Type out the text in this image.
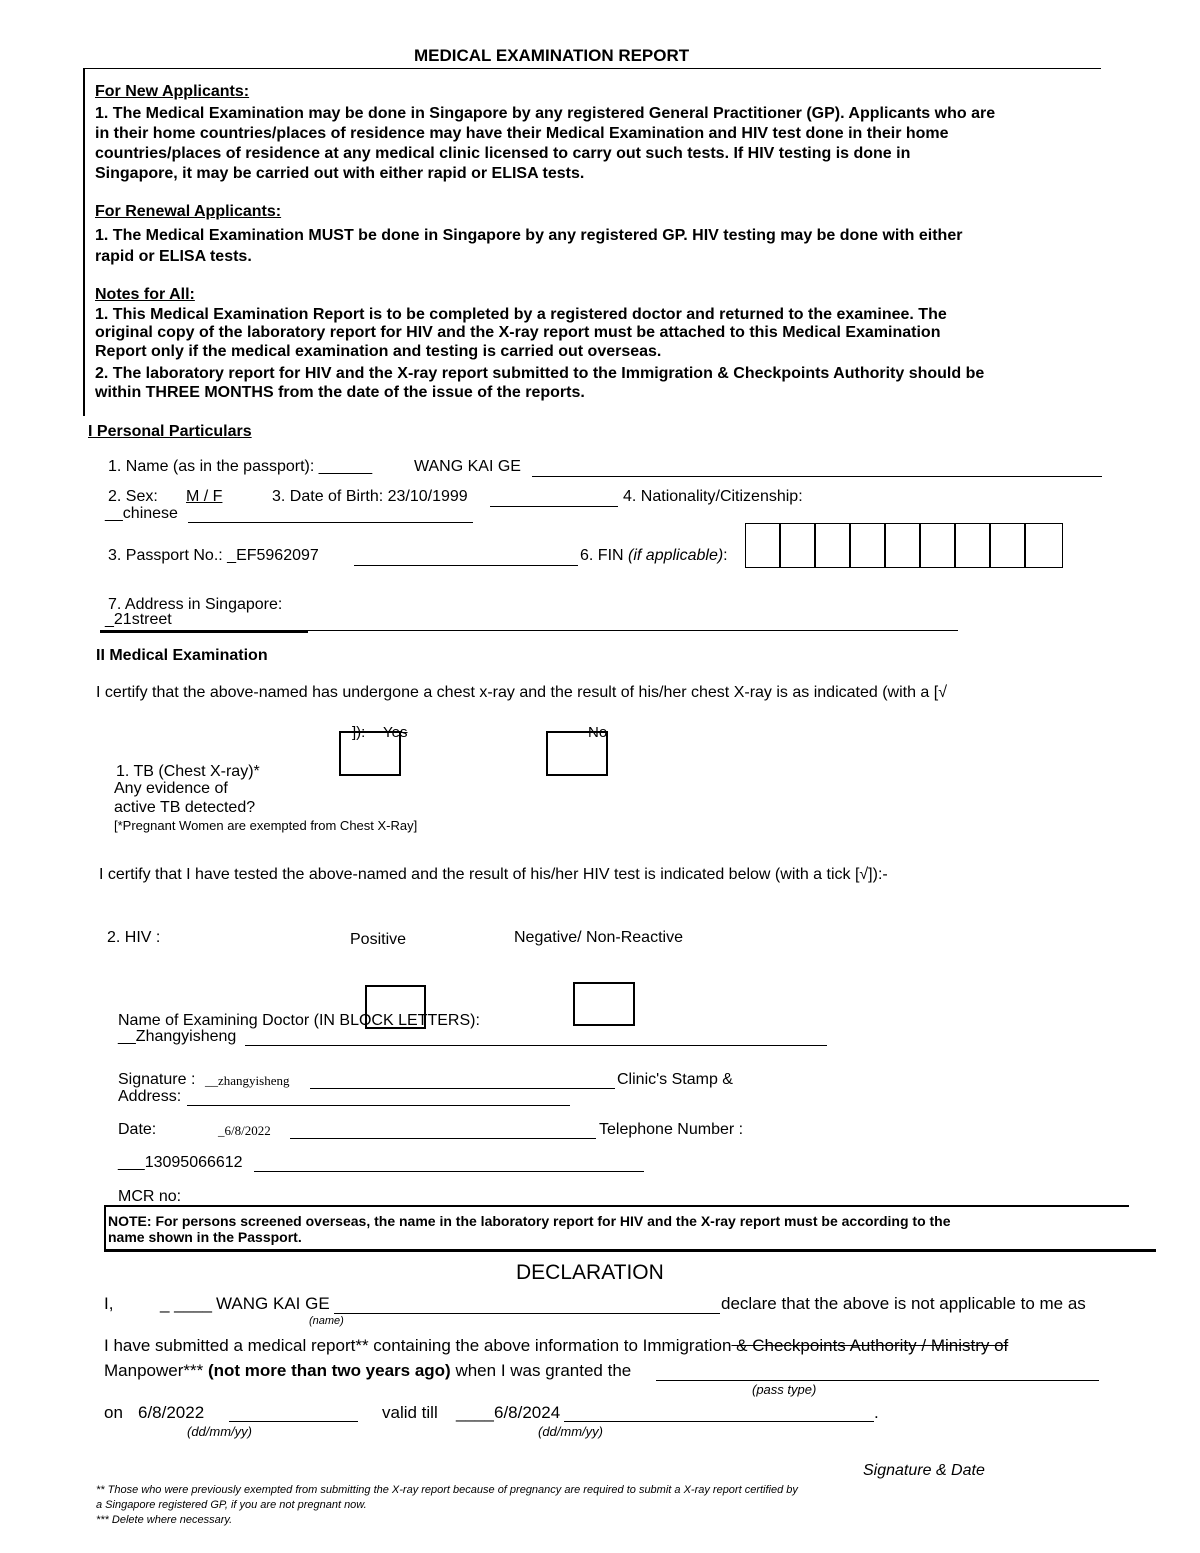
MEDICAL EXAMINATION REPORT
For New Applicants:
1. The Medical Examination may be done in Singapore by any registered General Practitioner (GP). Applicants who are
in their home countries/places of residence may have their Medical Examination and HIV test done in their home
countries/places of residence at any medical clinic licensed to carry out such tests. If HIV testing is done in
Singapore, it may be carried out with either rapid or ELISA tests.
For Renewal Applicants:
1. The Medical Examination MUST be done in Singapore by any registered GP. HIV testing may be done with either
rapid or ELISA tests.
Notes for All:
1. This Medical Examination Report is to be completed by a registered doctor and returned to the examinee. The
original copy of the laboratory report for HIV and the X-ray report must be attached to this Medical Examination
Report only if the medical examination and testing is carried out overseas.
2. The laboratory report for HIV and the X-ray report submitted to the Immigration & Checkpoints Authority should be
within THREE MONTHS from the date of the issue of the reports.
I Personal Particulars
1. Name (as in the passport): ______	WANG KAI GE
2. Sex: M / F	3. Date of Birth: 23/10/1999	4. Nationality/Citizenship:
__chinese
3. Passport No.: _EF5962097	6. FIN (if applicable):
7. Address in Singapore:
_21street
II Medical Examination
I certify that the above-named has undergone a chest x-ray and the result of his/her chest X-ray is as indicated (with a [√
]): Yes	No
1. TB (Chest X-ray)*
Any evidence of
active TB detected?
[*Pregnant Women are exempted from Chest X-Ray]
I certify that I have tested the above-named and the result of his/her HIV test is indicated below (with a tick [√]):-
2. HIV :	Positive	Negative/ Non-Reactive
Name of Examining Doctor (IN BLOCK LETTERS):
__Zhangyisheng
Signature : __zhangyisheng	Clinic's Stamp &
Address:
Date:	_6/8/2022	Telephone Number :
___13095066612
MCR no:
NOTE: For persons screened overseas, the name in the laboratory report for HIV and the X-ray report must be according to the
name shown in the Passport.
DECLARATION
I,	_ ____ WANG KAI GE	declare that the above is not applicable to me as
(name)
I have submitted a medical report** containing the above information to Immigration & Checkpoints Authority / Ministry of
Manpower*** (not more than two years ago) when I was granted the
(pass type)
on 6/8/2022	valid till ____ 6/8/2024	.
(dd/mm/yy)	(dd/mm/yy)
Signature & Date
** Those who were previously exempted from submitting the X-ray report because of pregnancy are required to submit a X-ray report certified by
a Singapore registered GP, if you are not pregnant now.
*** Delete where necessary.
